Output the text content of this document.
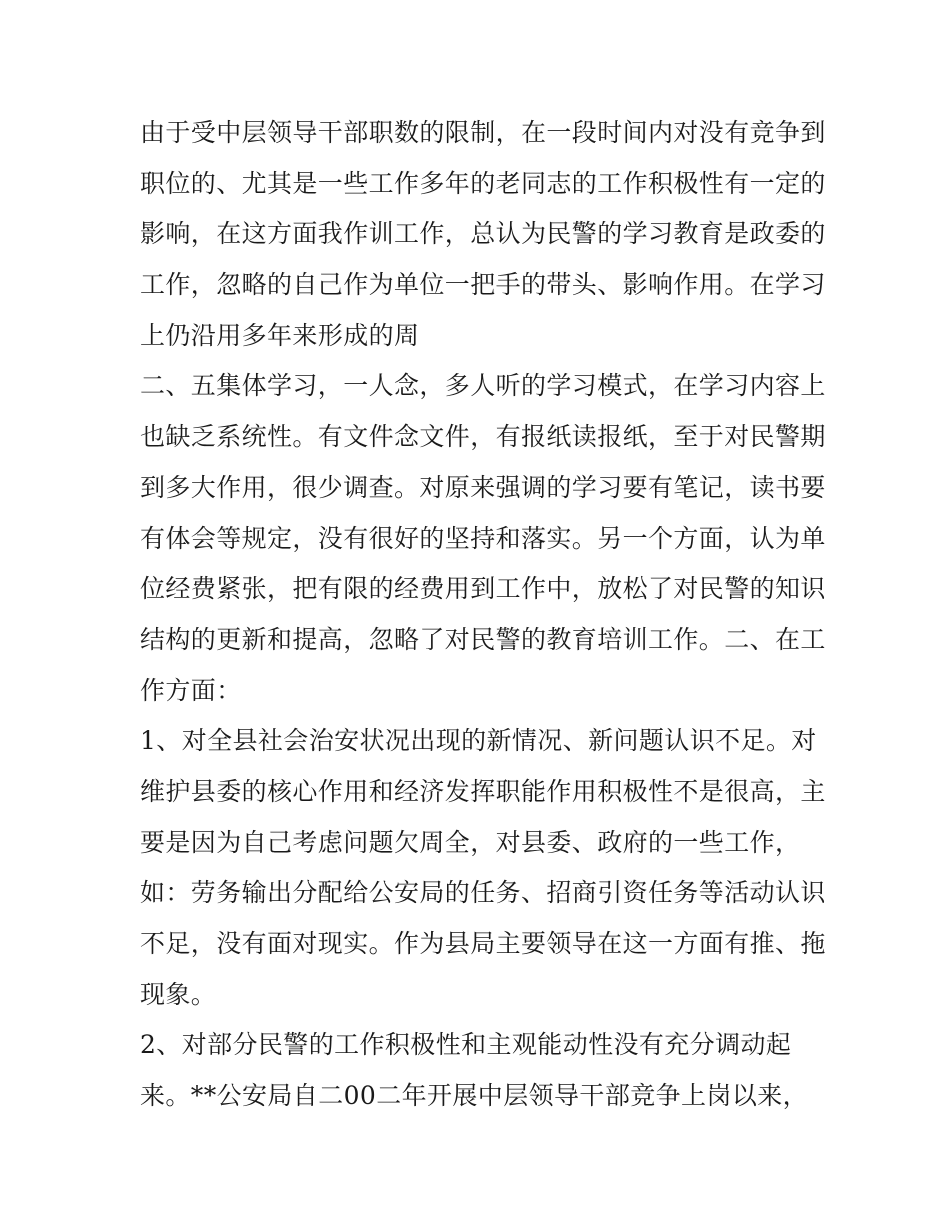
由于受中层领导干部职数的限制，在一段时间内对没有竞争到
职位的、尤其是一些工作多年的老同志的工作积极性有一定的
影响，在这方面我作训工作，总认为民警的学习教育是政委的
工作，忽略的自己作为单位一把手的带头、影响作用。在学习
上仍沿用多年来形成的周
二、五集体学习，一人念，多人听的学习模式，在学习内容上
也缺乏系统性。有文件念文件，有报纸读报纸，至于对民警期
到多大作用，很少调查。对原来强调的学习要有笔记，读书要
有体会等规定，没有很好的坚持和落实。另一个方面，认为单
位经费紧张，把有限的经费用到工作中，放松了对民警的知识
结构的更新和提高，忽略了对民警的教育培训工作。二、在工
作方面：
1、对全县社会治安状况出现的新情况、新问题认识不足。对
维护县委的核心作用和经济发挥职能作用积极性不是很高，主
要是因为自己考虑问题欠周全，对县委、政府的一些工作，
如：劳务输出分配给公安局的任务、招商引资任务等活动认识
不足，没有面对现实。作为县局主要领导在这一方面有推、拖
现象。
2、对部分民警的工作积极性和主观能动性没有充分调动起
来。**公安局自二00二年开展中层领导干部竞争上岗以来，
